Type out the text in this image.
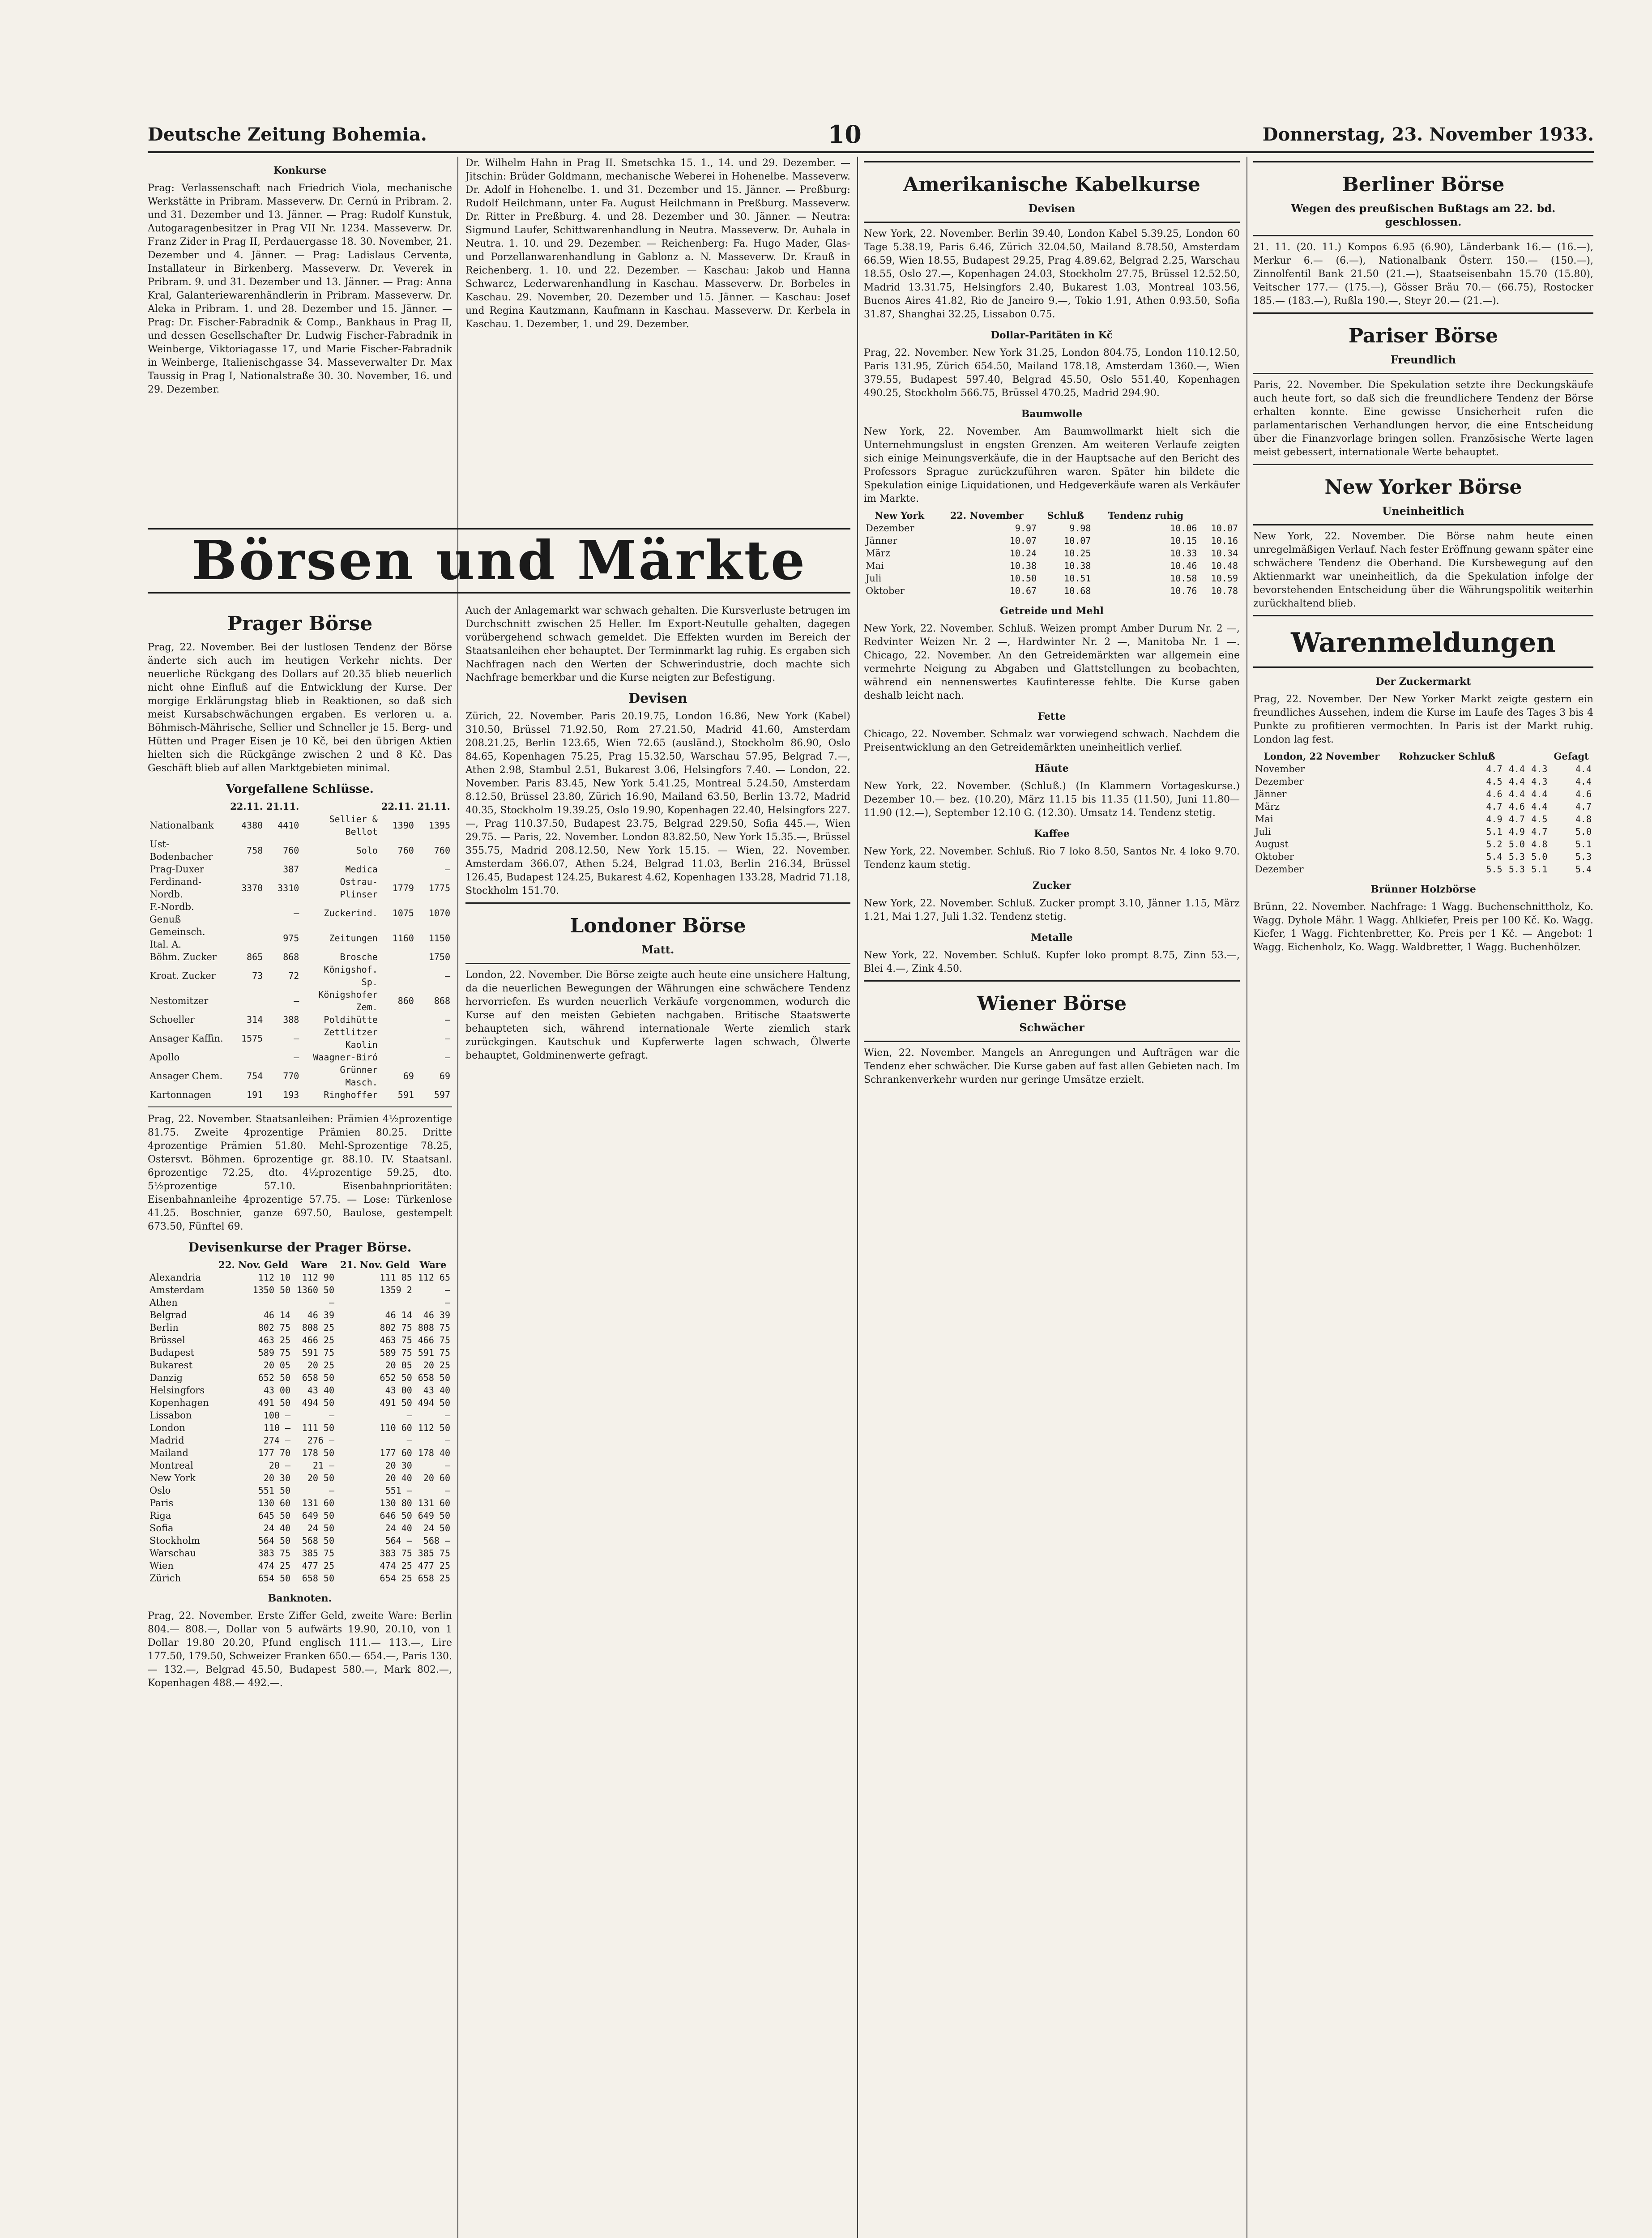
Deutsche Zeitung Bohemia.	10	Donnerstag, 23. November 1933.
Konkurse

Prag: Verlassenschaft nach Friedrich Viola, mechanische Werkstätte in Pribram. Masseverw. Dr. Cernú in Pribram. 2. und 31. Dezember und 13. Jänner. — Prag: Rudolf Kunstuk, Autogaragenbesitzer in Prag VII Nr. 1234. Masseverw. Dr. Franz Zider in Prag II, Perdauergasse 18. 30. November, 21. Dezember und 4. Jänner. — Prag: Ladislaus Cerventa, Installateur in Birkenberg. Masseverw. Dr. Veverek in Pribram. 9. und 31. Dezember und 13. Jänner. — Prag: Anna Kral, Galanteriewarenhändlerin in Pribram. Masseverw. Dr. Aleka in Pribram. 1. und 28. Dezember und 15. Jänner. — Prag: Dr. Fischer-Fabradnik & Comp., Bankhaus in Prag II, und dessen Gesellschafter Dr. Ludwig Fischer-Fabradnik in Weinberge, Viktoriagasse 17, und Marie Fischer-Fabradnik in Weinberge, Italienischgasse 34. Masseverwalter Dr. Max Taussig in Prag I, Nationalstraße 30. 30. November, 16. und 29. Dezember.

Dr. Wilhelm Hahn in Prag II. Smetschka 15. 1., 14. und 29. Dezember. — Jitschin: Brüder Goldmann, mechanische Weberei in Hohenelbe. Masseverw. Dr. Adolf in Hohenelbe. 1. und 31. Dezember und 15. Jänner. — Preßburg: Rudolf Heilchmann, unter Fa. August Heilchmann in Preßburg. Masseverw. Dr. Ritter in Preßburg. 4. und 28. Dezember und 30. Jänner. — Neutra: Sigmund Laufer, Schittwarenhandlung in Neutra. Masseverw. Dr. Auhala in Neutra. 1. 10. und 29. Dezember. — Reichenberg: Fa. Hugo Mader, Glas- und Porzellanwarenhandlung in Gablonz a. N. Masseverw. Dr. Krauß in Reichenberg. 1. 10. und 22. Dezember. — Kaschau: Jakob und Hanna Schwarcz, Lederwarenhandlung in Kaschau. Masseverw. Dr. Borbeles in Kaschau. 29. November, 20. Dezember und 15. Jänner. — Kaschau: Josef und Regina Kautzmann, Kaufmann in Kaschau. Masseverw. Dr. Kerbela in Kaschau. 1. Dezember, 1. und 29. Dezember.

Börsen und Märkte
Prager Börse

Prag, 22. November. Bei der lustlosen Tendenz der Börse änderte sich auch im heutigen Verkehr nichts. Der neuerliche Rückgang des Dollars auf 20.35 blieb neuerlich nicht ohne Einfluß auf die Entwicklung der Kurse. Der morgige Erklärungstag blieb in Reaktionen, so daß sich meist Kursabschwächungen ergaben. Es verloren u. a. Böhmisch-Mährische, Sellier und Schneller je 15. Berg- und Hütten und Prager Eisen je 10 Kč, bei den übrigen Aktien hielten sich die Rückgänge zwischen 2 und 8 Kč. Das Geschäft blieb auf allen Marktgebieten minimal.

Vorgefallene Schlüsse.
	22.11.	21.11.		22.11.	21.11.
Nationalbank	4380	4410	Sellier & Bellot	1390	1395
Ust-Bodenbacher	758	760	Solo	760	760
Prag-Duxer		387	Medica		—
Ferdinand-Nordb.	3370	3310	Ostrau-Plinser	1779	1775
F.-Nordb. Genuß		—	Zuckerind.	1075	1070
Gemeinsch. Ital. A.		975	Zeitungen	1160	1150
Böhm. Zucker	865	868	Brosche		1750
Kroat. Zucker	73	72	Königshof. Sp.		—
Nestomitzer		—	Königshofer Zem.	860	868
Schoeller	314	388	Poldihütte		—
Ansager Kaffin.	1575	—	Zettlitzer Kaolin		—
Apollo		—	Waagner-Biró		—
Ansager Chem.	754	770	Grünner Masch.	69	69
Kartonnagen	191	193	Ringhoffer	591	597

Prag, 22. November. Staatsanleihen: Prämien 4½prozentige 81.75. Zweite 4prozentige Prämien 80.25. Dritte 4prozentige Prämien 51.80. Mehl-Sprozentige 78.25, Ostersvt. Böhmen. 6prozentige gr. 88.10. IV. Staatsanl. 6prozentige 72.25, dto. 4½prozentige 59.25, dto. 5½prozentige 57.10. Eisenbahnprioritäten: Eisenbahnanleihe 4prozentige 57.75. — Lose: Türkenlose 41.25. Boschnier, ganze 697.50, Baulose, gestempelt 673.50, Fünftel 69.

Devisenkurse der Prager Börse.
	22. Nov. Geld	Ware	21. Nov. Geld	Ware
Alexandria	112 10	112 90	111 85	112 65
Amsterdam	1350 50	1360 50	1359 2	—
Athen		—		—
Belgrad	46 14	46 39	46 14	46 39
Berlin	802 75	808 25	802 75	808 75
Brüssel	463 25	466 25	463 75	466 75
Budapest	589 75	591 75	589 75	591 75
Bukarest	20 05	20 25	20 05	20 25
Danzig	652 50	658 50	652 50	658 50
Helsingfors	43 00	43 40	43 00	43 40
Kopenhagen	491 50	494 50	491 50	494 50
Lissabon	100 —	—	—	—
London	110 —	111 50	110 60	112 50
Madrid	274 —	276 —	—	—
Mailand	177 70	178 50	177 60	178 40
Montreal	20 —	21 —	20 30	—
New York	20 30	20 50	20 40	20 60
Oslo	551 50	—	551 —	—
Paris	130 60	131 60	130 80	131 60
Riga	645 50	649 50	646 50	649 50
Sofia	24 40	24 50	24 40	24 50
Stockholm	564 50	568 50	564 —	568 —
Warschau	383 75	385 75	383 75	385 75
Wien	474 25	477 25	474 25	477 25
Zürich	654 50	658 50	654 25	658 25
Banknoten.

Prag, 22. November. Erste Ziffer Geld, zweite Ware: Berlin 804.— 808.—, Dollar von 5 aufwärts 19.90, 20.10, von 1 Dollar 19.80 20.20, Pfund englisch 111.— 113.—, Lire 177.50, 179.50, Schweizer Franken 650.— 654.—, Paris 130.— 132.—, Belgrad 45.50, Budapest 580.—, Mark 802.—, Kopenhagen 488.— 492.—.

Auch der Anlagemarkt war schwach gehalten. Die Kursverluste betrugen im Durchschnitt zwischen 25 Heller. Im Export-Neutulle gehalten, dagegen vorübergehend schwach gemeldet. Die Effekten wurden im Bereich der Staatsanleihen eher behauptet. Der Terminmarkt lag ruhig. Es ergaben sich Nachfragen nach den Werten der Schwerindustrie, doch machte sich Nachfrage bemerkbar und die Kurse neigten zur Befestigung.

Devisen

Zürich, 22. November. Paris 20.19.75, London 16.86, New York (Kabel) 310.50, Brüssel 71.92.50, Rom 27.21.50, Madrid 41.60, Amsterdam 208.21.25, Berlin 123.65, Wien 72.65 (ausländ.), Stockholm 86.90, Oslo 84.65, Kopenhagen 75.25, Prag 15.32.50, Warschau 57.95, Belgrad 7.—, Athen 2.98, Stambul 2.51, Bukarest 3.06, Helsingfors 7.40. — London, 22. November. Paris 83.45, New York 5.41.25, Montreal 5.24.50, Amsterdam 8.12.50, Brüssel 23.80, Zürich 16.90, Mailand 63.50, Berlin 13.72, Madrid 40.35, Stockholm 19.39.25, Oslo 19.90, Kopenhagen 22.40, Helsingfors 227.—, Prag 110.37.50, Budapest 23.75, Belgrad 229.50, Sofia 445.—, Wien 29.75. — Paris, 22. November. London 83.82.50, New York 15.35.—, Brüssel 355.75, Madrid 208.12.50, New York 15.15. — Wien, 22. November. Amsterdam 366.07, Athen 5.24, Belgrad 11.03, Berlin 216.34, Brüssel 126.45, Budapest 124.25, Bukarest 4.62, Kopenhagen 133.28, Madrid 71.18, Stockholm 151.70.

Londoner Börse
Matt.

London, 22. November. Die Börse zeigte auch heute eine unsichere Haltung, da die neuerlichen Bewegungen der Währungen eine schwächere Tendenz hervorriefen. Es wurden neuerlich Verkäufe vorgenommen, wodurch die Kurse auf den meisten Gebieten nachgaben. Britische Staatswerte behaupteten sich, während internationale Werte ziemlich stark zurückgingen. Kautschuk und Kupferwerte lagen schwach, Ölwerte behauptet, Goldminenwerte gefragt.

Amerikanische Kabelkurse
Devisen

New York, 22. November. Berlin 39.40, London Kabel 5.39.25, London 60 Tage 5.38.19, Paris 6.46, Zürich 32.04.50, Mailand 8.78.50, Amsterdam 66.59, Wien 18.55, Budapest 29.25, Prag 4.89.62, Belgrad 2.25, Warschau 18.55, Oslo 27.—, Kopenhagen 24.03, Stockholm 27.75, Brüssel 12.52.50, Madrid 13.31.75, Helsingfors 2.40, Bukarest 1.03, Montreal 103.56, Buenos Aires 41.82, Rio de Janeiro 9.—, Tokio 1.91, Athen 0.93.50, Sofia 31.87, Shanghai 32.25, Lissabon 0.75.

Dollar-Paritäten in Kč

Prag, 22. November. New York 31.25, London 804.75, London 110.12.50, Paris 131.95, Zürich 654.50, Mailand 178.18, Amsterdam 1360.—, Wien 379.55, Budapest 597.40, Belgrad 45.50, Oslo 551.40, Kopenhagen 490.25, Stockholm 566.75, Brüssel 470.25, Madrid 294.90.

Baumwolle

New York, 22. November. Am Baumwollmarkt hielt sich die Unternehmungslust in engsten Grenzen. Am weiteren Verlaufe zeigten sich einige Meinungsverkäufe, die in der Hauptsache auf den Bericht des Professors Sprague zurückzuführen waren. Später hin bildete die Spekulation einige Liquidationen, und Hedgeverkäufe waren als Verkäufer im Markte.

New York	22. November	Schluß	Tendenz ruhig	
Dezember	9.97	9.98	10.06	10.07
Jänner	10.07	10.07	10.15	10.16
März	10.24	10.25	10.33	10.34
Mai	10.38	10.38	10.46	10.48
Juli	10.50	10.51	10.58	10.59
Oktober	10.67	10.68	10.76	10.78
Getreide und Mehl

New York, 22. November. Schluß. Weizen prompt Amber Durum Nr. 2 —, Redvinter Weizen Nr. 2 —, Hardwinter Nr. 2 —, Manitoba Nr. 1 —. Chicago, 22. November. An den Getreidemärkten war allgemein eine vermehrte Neigung zu Abgaben und Glattstellungen zu beobachten, während ein nennenswertes Kaufinteresse fehlte. Die Kurse gaben deshalb leicht nach.

Fette

Chicago, 22. November. Schmalz war vorwiegend schwach. Nachdem die Preisentwicklung an den Getreidemärkten uneinheitlich verlief.

Häute

New York, 22. November. (Schluß.) (In Klammern Vortageskurse.) Dezember 10.— bez. (10.20), März 11.15 bis 11.35 (11.50), Juni 11.80—11.90 (12.—), September 12.10 G. (12.30). Umsatz 14. Tendenz stetig.

Kaffee

New York, 22. November. Schluß. Rio 7 loko 8.50, Santos Nr. 4 loko 9.70. Tendenz kaum stetig.

Zucker

New York, 22. November. Schluß. Zucker prompt 3.10, Jänner 1.15, März 1.21, Mai 1.27, Juli 1.32. Tendenz stetig.

Metalle

New York, 22. November. Schluß. Kupfer loko prompt 8.75, Zinn 53.—, Blei 4.—, Zink 4.50.

Wiener Börse
Schwächer

Wien, 22. November. Mangels an Anregungen und Aufträgen war die Tendenz eher schwächer. Die Kurse gaben auf fast allen Gebieten nach. Im Schrankenverkehr wurden nur geringe Umsätze erzielt.

Berliner Börse
Wegen des preußischen Bußtags am 22. bd. geschlossen.

21. 11. (20. 11.) Kompos 6.95 (6.90), Länderbank 16.— (16.—), Merkur 6.— (6.—), Nationalbank Österr. 150.— (150.—), Zinnolfentil Bank 21.50 (21.—), Staatseisenbahn 15.70 (15.80), Veitscher 177.— (175.—), Gösser Bräu 70.— (66.75), Rostocker 185.— (183.—), Rußla 190.—, Steyr 20.— (21.—).

Pariser Börse
Freundlich

Paris, 22. November. Die Spekulation setzte ihre Deckungskäufe auch heute fort, so daß sich die freundlichere Tendenz der Börse erhalten konnte. Eine gewisse Unsicherheit rufen die parlamentarischen Verhandlungen hervor, die eine Entscheidung über die Finanzvorlage bringen sollen. Französische Werte lagen meist gebessert, internationale Werte behauptet.

New Yorker Börse
Uneinheitlich

New York, 22. November. Die Börse nahm heute einen unregelmäßigen Verlauf. Nach fester Eröffnung gewann später eine schwächere Tendenz die Oberhand. Die Kursbewegung auf den Aktienmarkt war uneinheitlich, da die Spekulation infolge der bevorstehenden Entscheidung über die Währungspolitik weiterhin zurückhaltend blieb.

Warenmeldungen
Der Zuckermarkt

Prag, 22. November. Der New Yorker Markt zeigte gestern ein freundliches Aussehen, indem die Kurse im Laufe des Tages 3 bis 4 Punkte zu profitieren vermochten. In Paris ist der Markt ruhig. London lag fest.

London, 22 November	Rohzucker Schluß			Gefagt
November	4.7	4.4	4.3	4.4
Dezember	4.5	4.4	4.3	4.4
Jänner	4.6	4.4	4.4	4.6
März	4.7	4.6	4.4	4.7
Mai	4.9	4.7	4.5	4.8
Juli	5.1	4.9	4.7	5.0
August	5.2	5.0	4.8	5.1
Oktober	5.4	5.3	5.0	5.3
Dezember	5.5	5.3	5.1	5.4
Brünner Holzbörse

Brünn, 22. November. Nachfrage: 1 Wagg. Buchenschnittholz, Ko. Wagg. Dyhole Mähr. 1 Wagg. Ahlkiefer, Preis per 100 Kč. Ko. Wagg. Kiefer, 1 Wagg. Fichtenbretter, Ko. Preis per 1 Kč. — Angebot: 1 Wagg. Eichenholz, Ko. Wagg. Waldbretter, 1 Wagg. Buchenhölzer.
